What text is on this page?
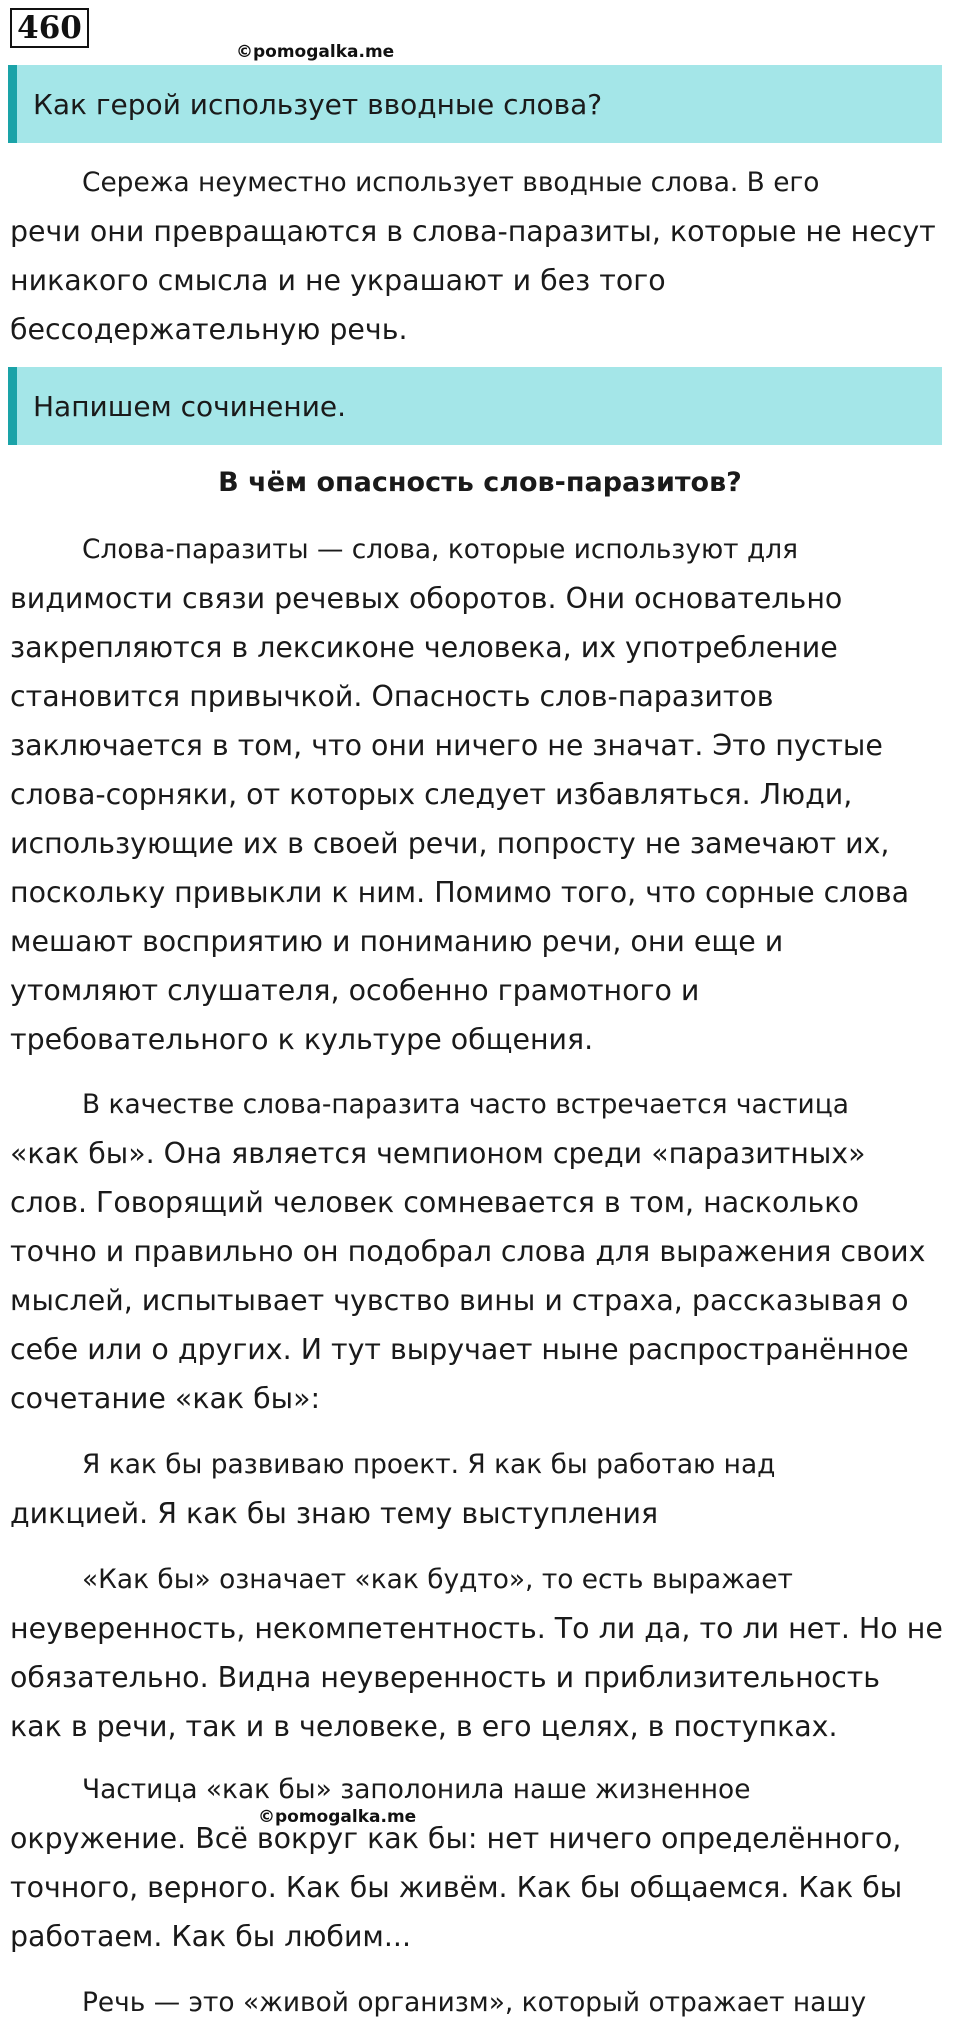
460
©pomogalka.me
Как герой использует вводные слова?

Сережа неуместно использует вводные слова. В его
речи они превращаются в слова-паразиты, которые не несут
никакого смысла и не украшают и без того
бессодержательную речь.

Напишем сочинение.
В чём опасность слов-паразитов?

Слова-паразиты — слова, которые используют для
видимости связи речевых оборотов. Они основательно
закрепляются в лексиконе человека, их употребление
становится привычкой. Опасность слов-паразитов
заключается в том, что они ничего не значат. Это пустые
слова-сорняки, от которых следует избавляться. Люди,
использующие их в своей речи, попросту не замечают их,
поскольку привыкли к ним. Помимо того, что сорные слова
мешают восприятию и пониманию речи, они еще и
утомляют слушателя, особенно грамотного и
требовательного к культуре общения.

В качестве слова-паразита часто встречается частица
«как бы». Она является чемпионом среди «паразитных»
слов. Говорящий человек сомневается в том, насколько
точно и правильно он подобрал слова для выражения своих
мыслей, испытывает чувство вины и страха, рассказывая о
себе или о других. И тут выручает ныне распространённое
сочетание «как бы»:

Я как бы развиваю проект. Я как бы работаю над
дикцией. Я как бы знаю тему выступления

«Как бы» означает «как будто», то есть выражает
неуверенность, некомпетентность. То ли да, то ли нет. Но не
обязательно. Видна неуверенность и приблизительность
как в речи, так и в человеке, в его целях, в поступках.

Частица «как бы» заполонила наше жизненное
окружение. Всё вокруг как бы: нет ничего определённого,
точного, верного. Как бы живём. Как бы общаемся. Как бы
работаем. Как бы любим...

©pomogalka.me

Речь — это «живой организм», который отражает нашу
